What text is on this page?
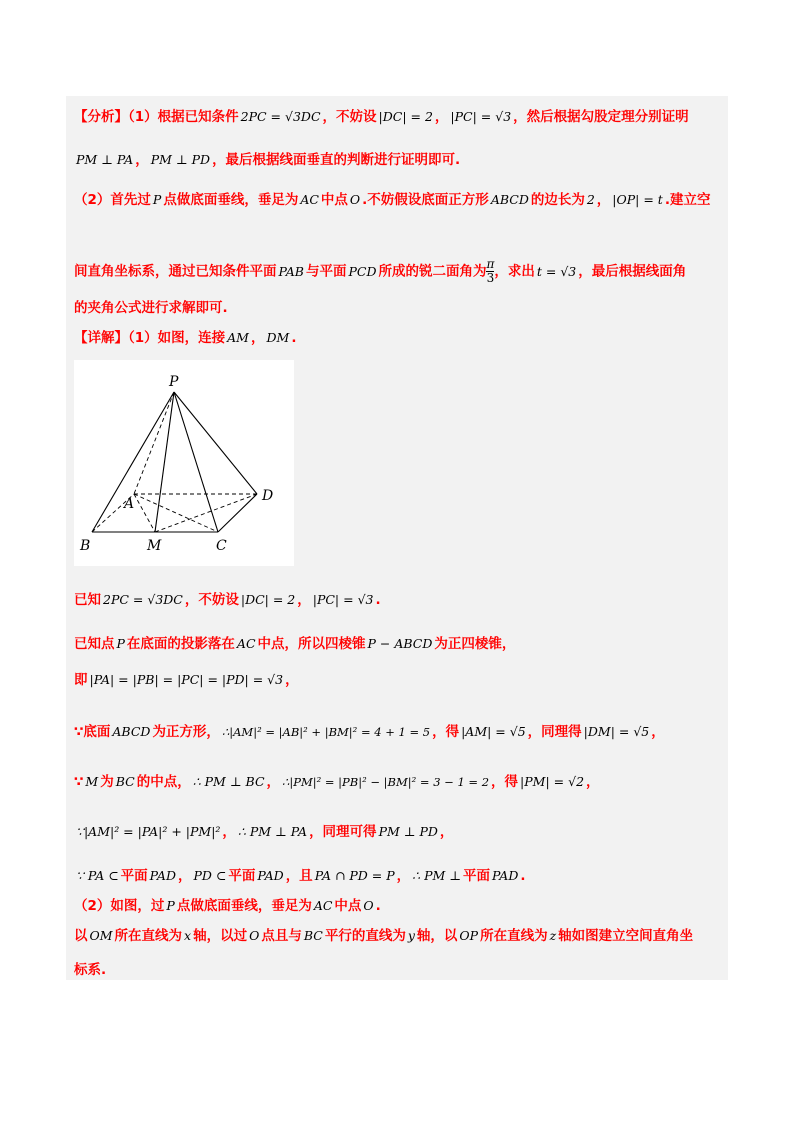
【分析】（1）根据已知条件 2PC = √3DC ，不妨设 |DC| = 2 ， |PC| = √3 ，然后根据勾股定理分别证明
PM ⊥ PA ， PM ⊥ PD ，最后根据线面垂直的判断进行证明即可.
（2）首先过 P 点做底面垂线，垂足为 AC 中点 O .不妨假设底面正方形 ABCD 的边长为 2 ， |OP| = t .建立空
间直角坐标系，通过已知条件平面 PAB 与平面 PCD 所成的锐二面角为 $\frac{\pi}{3}$ ，求出 t = √3 ，最后根据线面角
的夹角公式进行求解即可.
【详解】（1）如图，连接 AM ， DM .
P
A
B	M	C
D
已知 2PC = √3DC ，不妨设 |DC| = 2 ， |PC| = √3 .
已知点 P 在底面的投影落在 AC 中点，所以四棱锥 P − ABCD 为正四棱锥，
即 |PA| = |PB| = |PC| = |PD| = √3 ，
∵底面 ABCD 为正方形， ∴|AM|² = |AB|² + |BM|² = 4 + 1 = 5 ，得 |AM| = √5 ，同理得 |DM| = √5 ，
∵ M 为 BC 的中点， ∴ PM ⊥ BC ， ∴|PM|² = |PB|² − |BM|² = 3 − 1 = 2 ，得 |PM| = √2 ，
∵|AM|² = |PA|² + |PM|² ， ∴ PM ⊥ PA ，同理可得 PM ⊥ PD ，
∵ PA ⊂ 平面 PAD ， PD ⊂ 平面 PAD ，且 PA ∩ PD = P ， ∴ PM ⊥ 平面 PAD .
（2）如图，过 P 点做底面垂线，垂足为 AC 中点 O .
以 OM 所在直线为 x 轴，以过 O 点且与 BC 平行的直线为 y 轴，以 OP 所在直线为 z 轴如图建立空间直角坐
标系.
